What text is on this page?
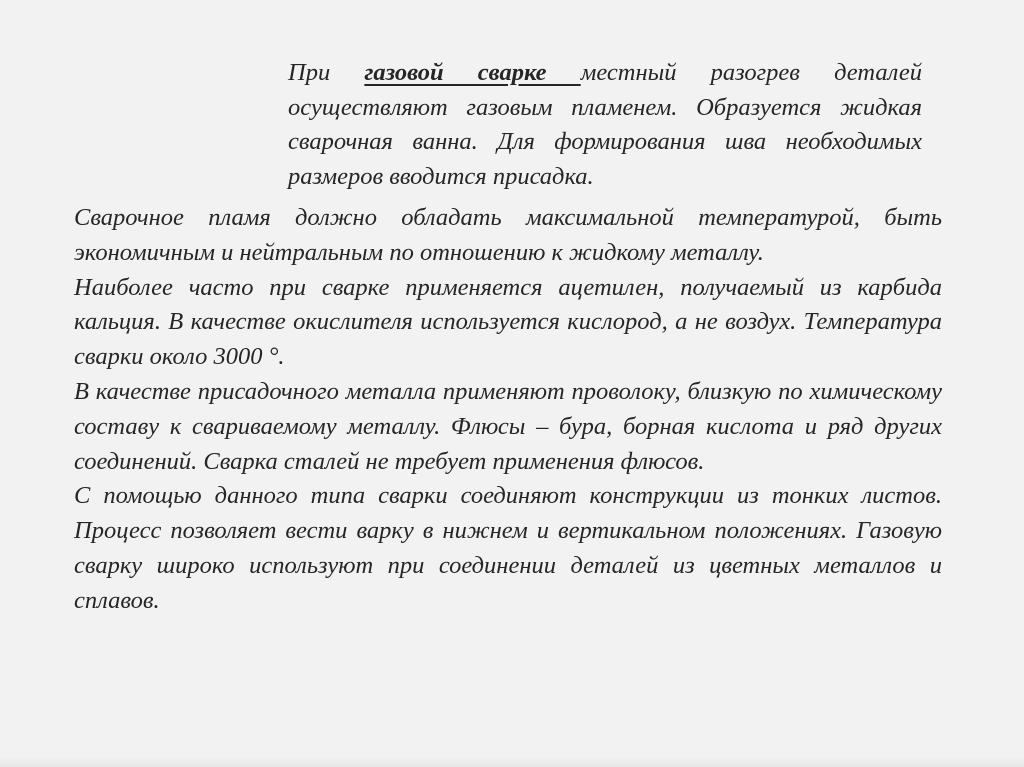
При газовой сварке местный разогрев деталей осуществляют газовым пламенем. Образуется жидкая сварочная ванна. Для формирования шва необходимых размеров вводится присадка.

Сварочное пламя должно обладать максимальной температурой, быть экономичным и нейтральным по отношению к жидкому металлу.

Наиболее часто при сварке применяется ацетилен, получаемый из карбида кальция. В качестве окислителя используется кислород, а не воздух. Температура сварки около 3000 °.

В качестве присадочного металла применяют проволоку, близкую по химическому составу к свариваемому металлу. Флюсы – бура, борная кислота и ряд других соединений. Сварка сталей не требует применения флюсов.

С помощью данного типа сварки соединяют конструкции из тонких листов. Процесс позволяет вести варку в нижнем и вертикальном положениях. Газовую сварку широко используют при соединении деталей из цветных металлов и сплавов.
